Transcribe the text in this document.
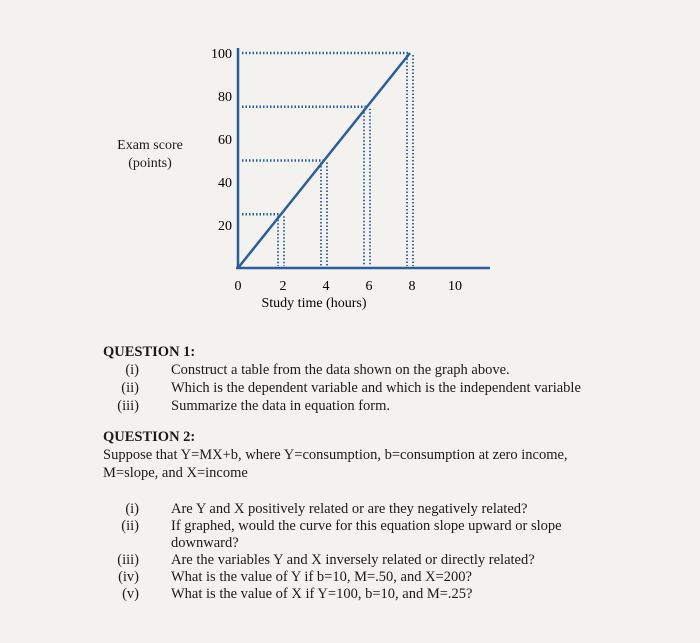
20
40
60
80
100
0	2	4	6	8 10
Study time (hours)
Exam score
(points)
QUESTION 1:
(i) Construct a table from the data shown on the graph above.
(ii) Which is the dependent variable and which is the independent variable
(iii) Summarize the data in equation form.
QUESTION 2:
Suppose that Y=MX+b, where Y=consumption, b=consumption at zero income,
M=slope, and X=income
(i) Are Y and X positively related or are they negatively related?
(ii) If graphed, would the curve for this equation slope upward or slope
downward?
(iii) Are the variables Y and X inversely related or directly related?
(iv) What is the value of Y if b=10, M=.50, and X=200?
(v) What is the value of X if Y=100, b=10, and M=.25?
